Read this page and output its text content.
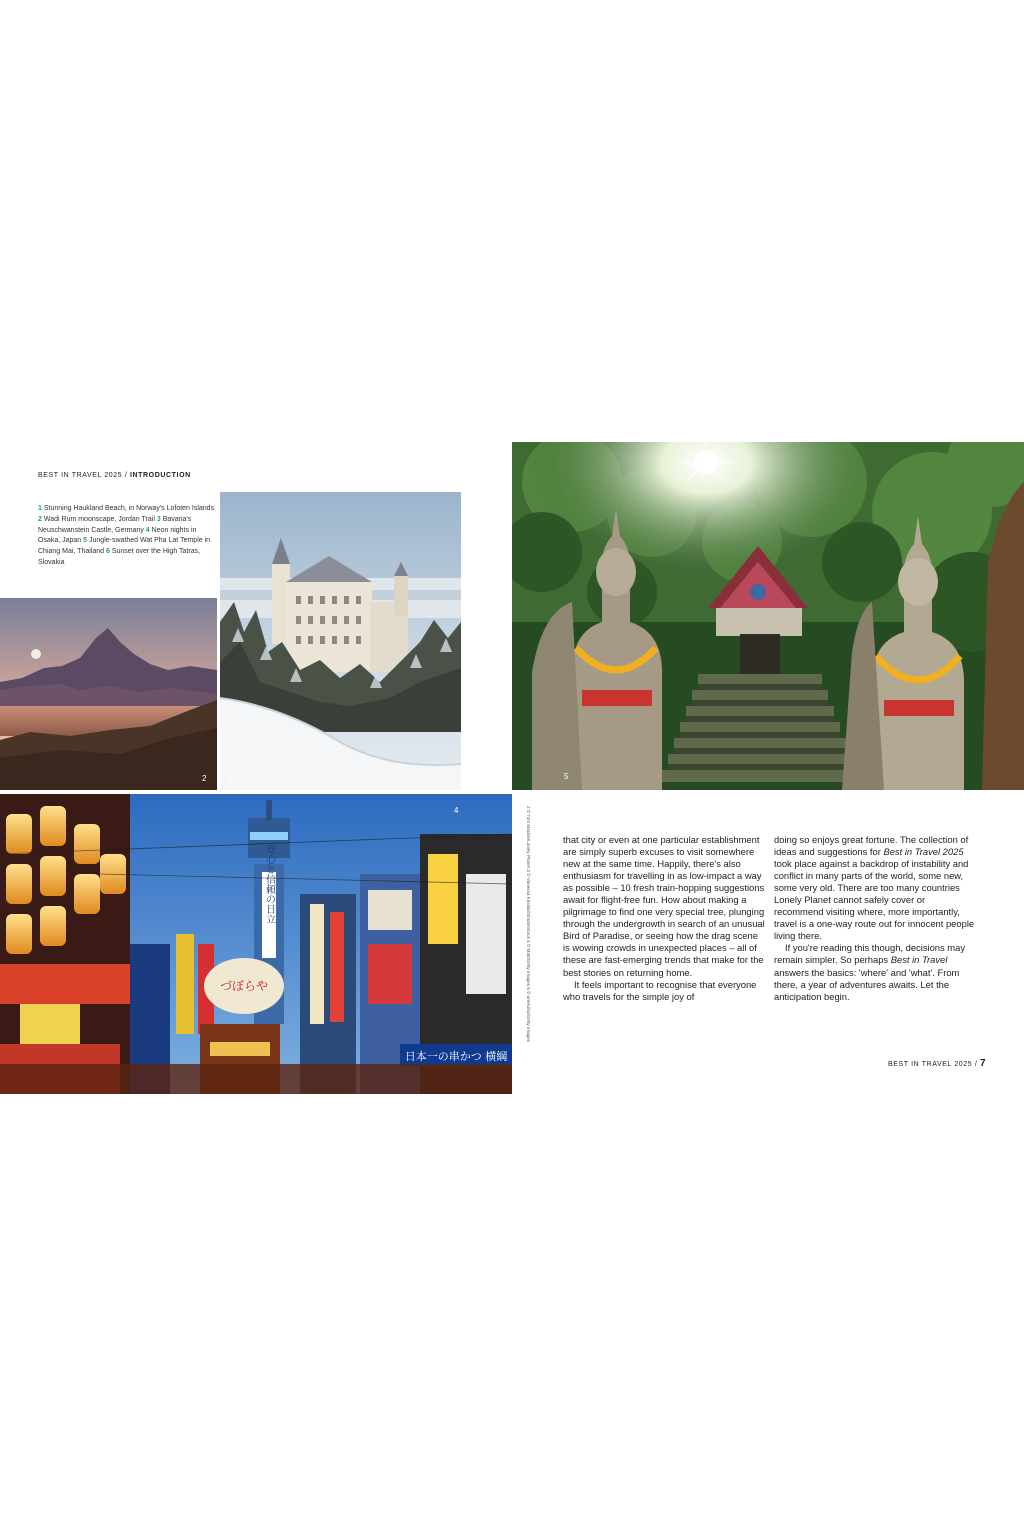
BEST IN TRAVEL 2025 / INTRODUCTION
1 Stunning Haukland Beach, in Norway's Lofoten Islands 2 Wadi Rum moonscape, Jordan Trail 3 Bavaria's Neuschwanstein Castle, Germany 4 Neon nights in Osaka, Japan 5 Jungle-swathed Wat Pha Lat Temple in Chiang Mai, Thailand 6 Sunset over the High Tatras, Slovakia
2	3	5
安心と信頼の日立
づぼらや
日本一の串かつ 横綱
4	2 © Tom Mackie/Lonely Planet 3 © Vanessa Kristian/Shutterstock 4 © Matt/Getty Images 5 © anekoho/Getty Images	that city or even at one particular establishment are simply superb excuses to visit somewhere new at the same time. Happily, there's also enthusiasm for travelling in as low-impact a way as possible – 10 fresh train-hopping suggestions await for flight-free fun. How about making a pilgrimage to find one very special tree, plunging through the undergrowth in search of an unusual Bird of Paradise, or seeing how the drag scene is wowing crowds in unexpected places – all of these are fast-emerging trends that make for the best stories on returning home.

It feels important to recognise that everyone who travels for the simple joy of

doing so enjoys great fortune. The collection of ideas and suggestions for Best in Travel 2025 took place against a backdrop of instability and conflict in many parts of the world, some new, some very old. There are too many countries Lonely Planet cannot safely cover or recommend visiting where, more importantly, travel is a one-way route out for innocent people living there.

If you're reading this though, decisions may remain simpler. So perhaps Best in Travel answers the basics: 'where' and 'what'. From there, a year of adventures awaits. Let the anticipation begin.

BEST IN TRAVEL 2025 / 7
